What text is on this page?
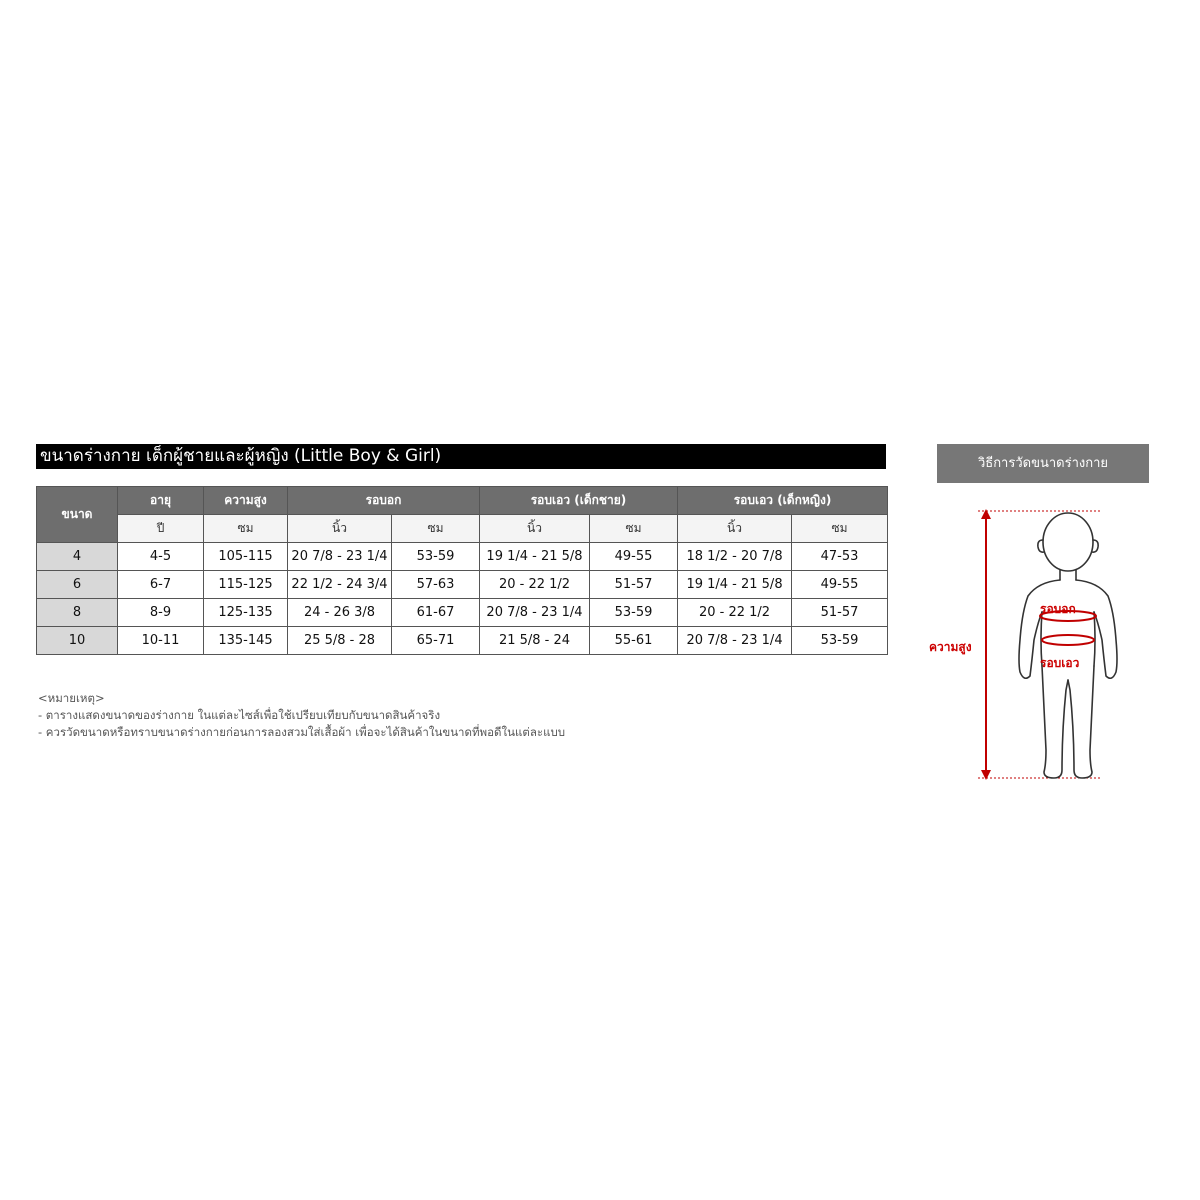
ขนาดร่างกาย เด็กผู้ชายและผู้หญิง (Little Boy & Girl)
ขนาด	อายุ	ความสูง	รอบอก		รอบเอว (เด็กชาย)		รอบเอว (เด็กหญิง)	
	ปี	ซม	นิ้ว	ซม	นิ้ว	ซม	นิ้ว	ซม
4	4-5	105-115	20 7/8 - 23 1/4	53-59	19 1/4 - 21 5/8	49-55	18 1/2 - 20 7/8	47-53
6	6-7	115-125	22 1/2 - 24 3/4	57-63	20 - 22 1/2	51-57	19 1/4 - 21 5/8	49-55
8	8-9	125-135	24 - 26 3/8	61-67	20 7/8 - 23 1/4	53-59	20 - 22 1/2	51-57
10	10-11	135-145	25 5/8 - 28	65-71	21 5/8 - 24	55-61	20 7/8 - 23 1/4	53-59
<หมายเหตุ>
- ตารางแสดงขนาดของร่างกาย ในแต่ละไซส์เพื่อใช้เปรียบเทียบกับขนาดสินค้าจริง
- ควรวัดขนาดหรือทราบขนาดร่างกายก่อนการลองสวมใส่เสื้อผ้า เพื่อจะได้สินค้าในขนาดที่พอดีในแต่ละแบบ
วิธีการวัดขนาดร่างกาย
รอบอก
รอบเอว
ความสูง
